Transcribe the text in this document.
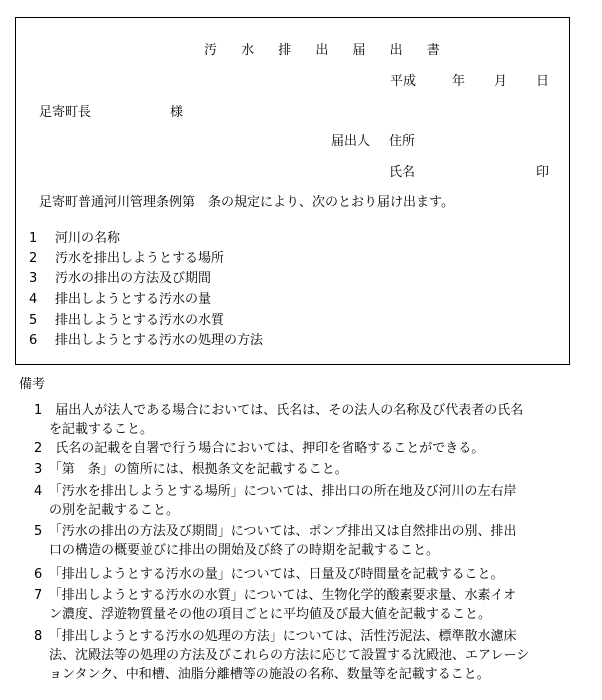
汚 水 排 出 届 出 書
平成	年 月 日
足寄町長	様
届出人 住所
氏名	印
足寄町普通河川管理条例第　条の規定により、次のとおり届け出ます。
1 河川の名称
2 汚水を排出しようとする場所
3 汚水の排出の方法及び期間
4 排出しようとする汚水の量
5 排出しようとする汚水の水質
6 排出しようとする汚水の処理の方法
備考
1　届出人が法人である場合においては、氏名は、その法人の名称及び代表者の氏名
を記載すること。
2　氏名の記載を自署で行う場合においては、押印を省略することができる。
3　「第　条」の箇所には、根拠条文を記載すること。
4　「汚水を排出しようとする場所」については、排出口の所在地及び河川の左右岸
の別を記載すること。
5　「汚水の排出の方法及び期間」については、ポンプ排出又は自然排出の別、排出
口の構造の概要並びに排出の開始及び終了の時期を記載すること。
6　「排出しようとする汚水の量」については、日量及び時間量を記載すること。
7　「排出しようとする汚水の水質」については、生物化学的酸素要求量、水素イオ
ン濃度、浮遊物質量その他の項目ごとに平均値及び最大値を記載すること。
8　「排出しようとする汚水の処理の方法」については、活性汚泥法、標準散水濾床
法、沈殿法等の処理の方法及びこれらの方法に応じて設置する沈殿池、エアレーシ
ョンタンク、中和槽、油脂分離槽等の施設の名称、数量等を記載すること。
